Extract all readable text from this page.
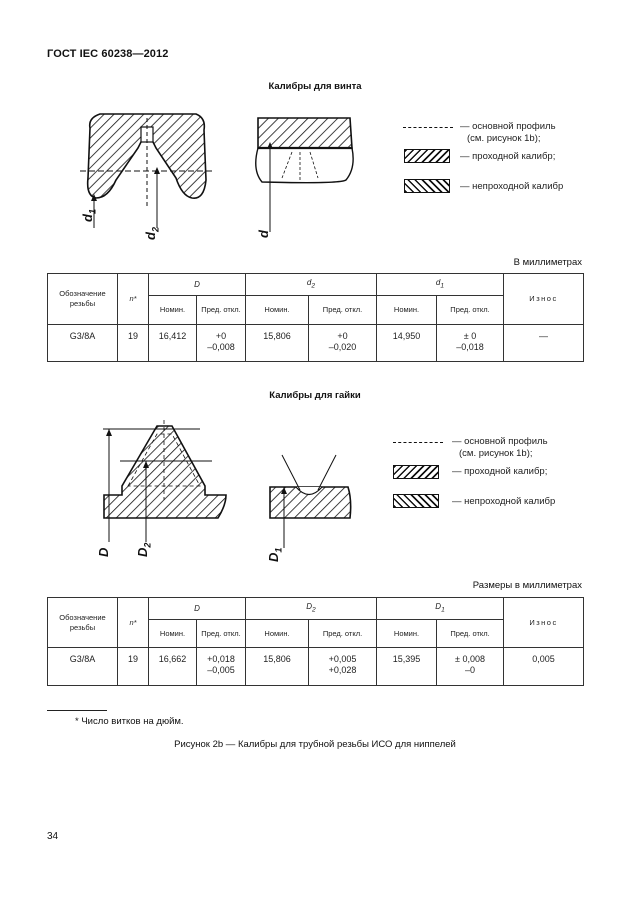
ГОСТ IEC 60238—2012
Калибры для винта
$d_1$
$d_2$
d
— основной профиль
(см. рисунок 1b);
— проходной калибр;
— непроходной калибр
В миллиметрах
Обозначение резьбы	n*	D		$d_2$		$d_1$		Износ
		Номин.	Пред. откл.	Номин.	Пред. откл.	Номин.	Пред. откл.	
G3/8A	19	16,412	+0
–0,008	15,806	+0
–0,020	14,950	± 0
–0,018	—
Калибры для гайки
D $D_2$
$D_1$
— основной профиль
(см. рисунок 1b);
— проходной калибр;
— непроходной калибр
Размеры в миллиметрах
Обозначение резьбы	n*	D		$D_2$		$D_1$		Износ
		Номин.	Пред. откл.	Номин.	Пред. откл.	Номин.	Пред. откл.	
G3/8A	19	16,662	+0,018
–0,005	15,806	+0,005
+0,028	15,395	± 0,008
–0	0,005
* Число витков на дюйм.
Рисунок 2b — Калибры для трубной резьбы ИСО для ниппелей
34
